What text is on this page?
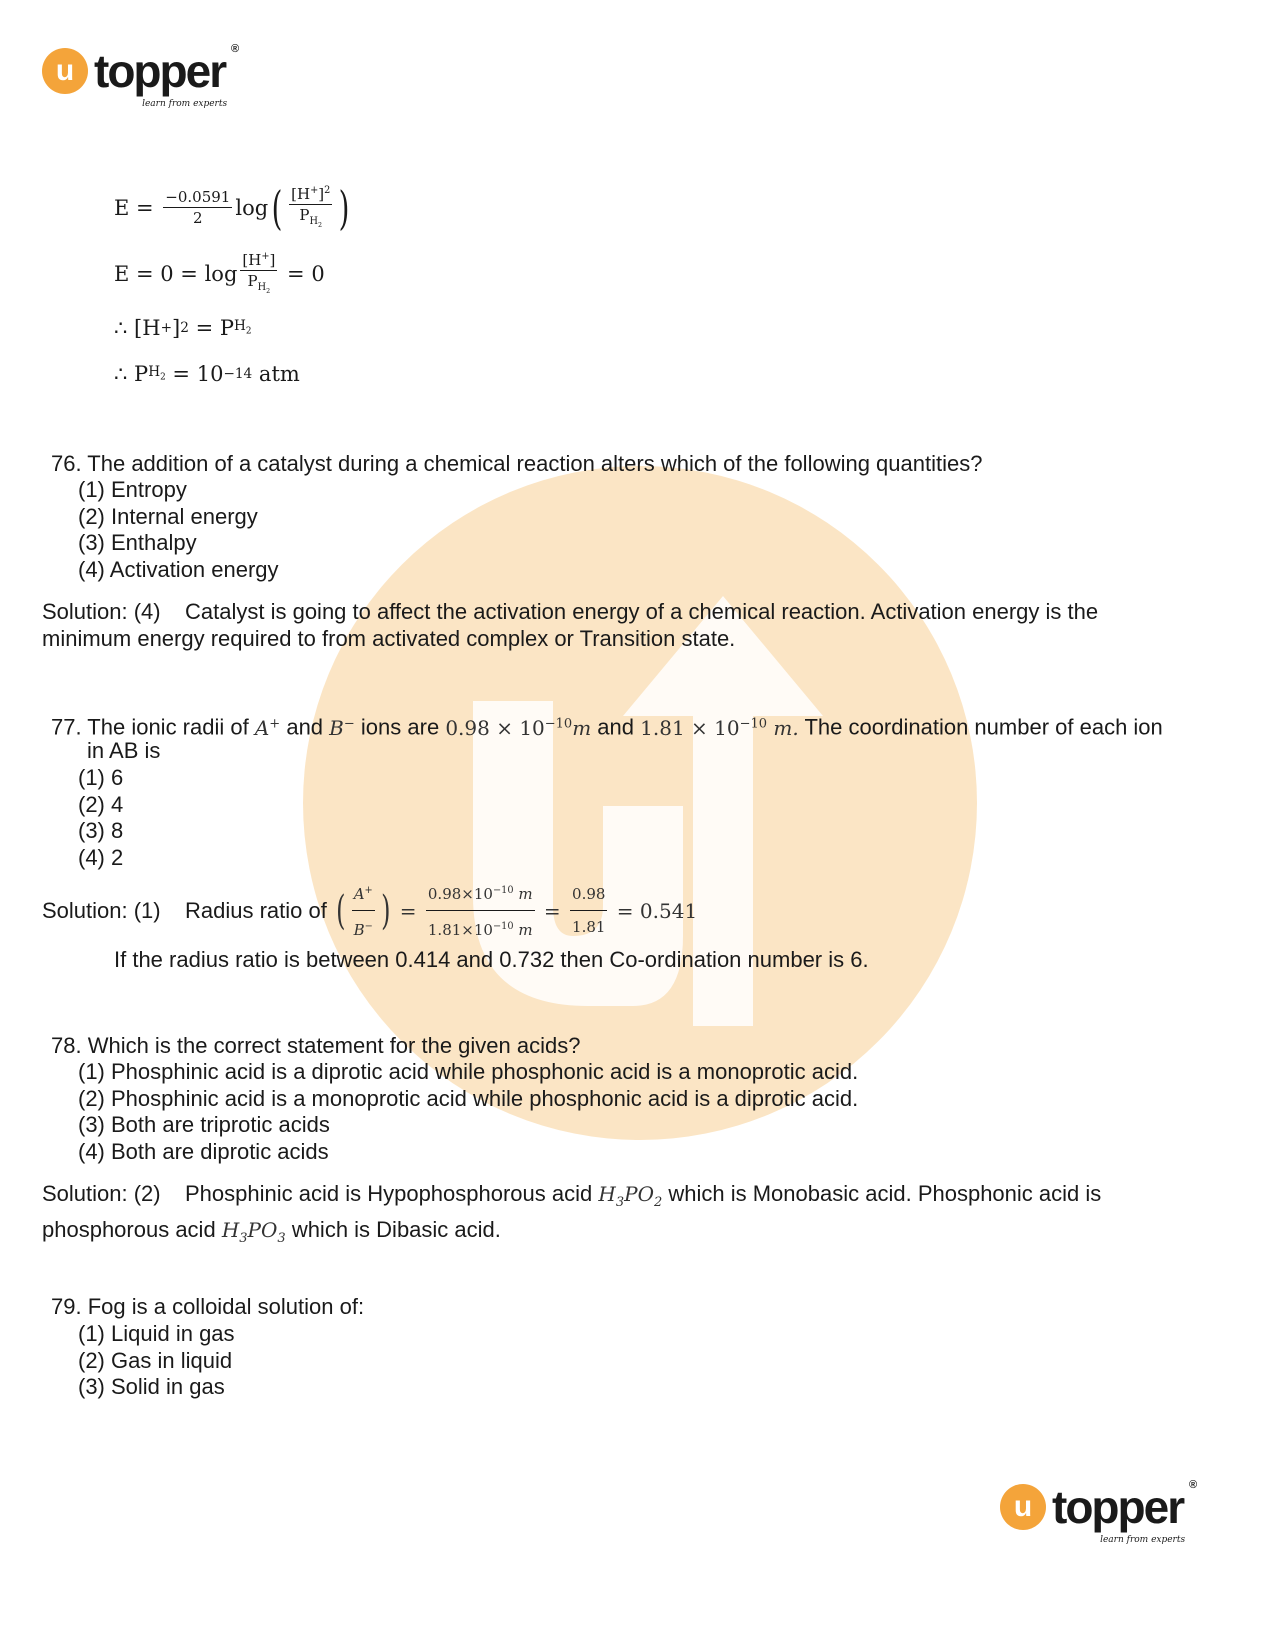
u topper ®
learn from experts
E =
$\frac{-0.0591}{2}$ log ( $\frac{[H^+]^2}{P_{H_2}}$ )
$E = 0 = \log \frac{[H^+]}{P_{H_2}}$
= 0
∴ [H + ] 2
= P $H_2$
∴ P $H_2$
= 10 −14
atm
76. The addition of a catalyst during a chemical reaction alters which of the following quantities?
(1) Entropy
(2) Internal energy
(3) Enthalpy
(4) Activation energy
Solution: (4) Catalyst is going to affect the activation energy of a chemical reaction. Activation energy is the
minimum energy required to from activated complex or Transition state.
77. The ionic radii of A+ and B− ions are $0.98 \times 10^{-10}m$ and $1.81 \times 10^{-10}$ m. The coordination number of each ion
in AB is
(1) 6
(2) 4
(3) 8
(4) 2
Solution: (1)	Radius ratio of
( $\frac{A^+}{B^-}$ ) = $\frac{0.98\times 10^{-10} m}{1.81\times 10^{-10} m} = \frac{0.98}{1.81}$
= 0.541
If the radius ratio is between 0.414 and 0.732 then Co-ordination number is 6.
78. Which is the correct statement for the given acids?
(1) Phosphinic acid is a diprotic acid while phosphonic acid is a monoprotic acid.
(2) Phosphinic acid is a monoprotic acid while phosphonic acid is a diprotic acid.
(3) Both are triprotic acids
(4) Both are diprotic acids
Solution: (2) Phosphinic acid is Hypophosphorous acid $H_3PO_2$ which is Monobasic acid. Phosphonic acid is
phosphorous acid $H_3PO_3$ which is Dibasic acid.
79. Fog is a colloidal solution of:
(1) Liquid in gas
(2) Gas in liquid
(3) Solid in gas
u topper ®
learn from experts
